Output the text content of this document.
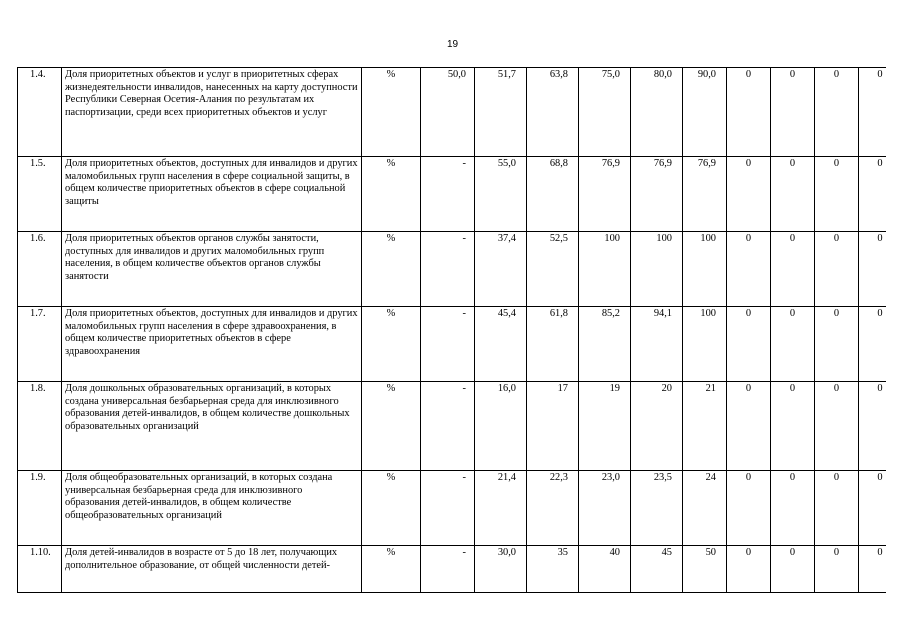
19
1.4.	Доля приоритетных объектов и услуг в приоритетных сферах жизнедеятельности инвалидов, нанесенных на карту доступности Республики Северная Осетия-Алания по результатам их паспортизации, среди всех приоритетных объектов и услуг	%	50,0	51,7	63,8	75,0	80,0	90,0	0	0	0	0
1.5.	Доля приоритетных объектов, доступных для инвалидов и других маломобильных групп населения в сфере социальной защиты, в общем количестве приоритетных объектов в сфере социальной защиты	%	-	55,0	68,8	76,9	76,9	76,9	0	0	0	0
1.6.	Доля приоритетных объектов органов службы занятости, доступных для инвалидов и других маломобильных групп населения, в общем количестве объектов органов службы занятости	%	-	37,4	52,5	100	100	100	0	0	0	0
1.7.	Доля приоритетных объектов, доступных для инвалидов и других маломобильных групп населения в сфере здравоохранения, в общем количестве приоритетных объектов в сфере здравоохранения	%	-	45,4	61,8	85,2	94,1	100	0	0	0	0
1.8.	Доля дошкольных образовательных организаций, в которых создана универсальная безбарьерная среда для инклюзивного образования детей-инвалидов, в общем количестве дошкольных образовательных организаций	%	-	16,0	17	19	20	21	0	0	0	0
1.9.	Доля общеобразовательных организаций, в которых создана универсальная безбарьерная среда для инклюзивного образования детей-инвалидов, в общем количестве общеобразовательных организаций	%	-	21,4	22,3	23,0	23,5	24	0	0	0	0
1.10.	Доля детей-инвалидов в возрасте от 5 до 18 лет, получающих дополнительное образование, от общей численности детей-	%	-	30,0	35	40	45	50	0	0	0	0
